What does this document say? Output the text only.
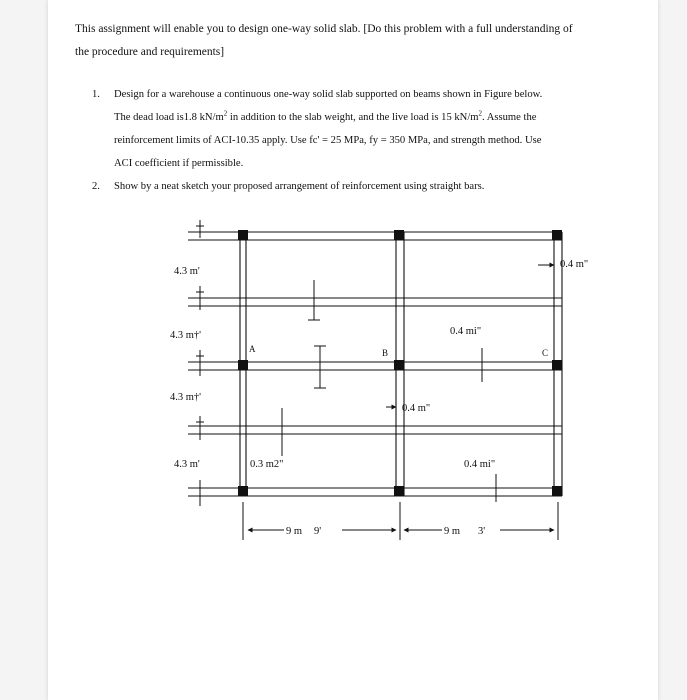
This assignment will enable you to design one-way solid slab. [Do this problem with a full understanding of
the procedure and requirements]
1. Design for a warehouse a continuous one-way solid slab supported on beams shown in Figure below.
The dead load is1.8 $kN/m^2$ in addition to the slab weight, and the live load is 15 $kN/m^2$. Assume the
reinforcement limits of ACI-10.35 apply. Use fc' = 25 MPa, fy = 350 MPa, and strength method. Use
ACI coefficient if permissible.
2. Show by a neat sketch your proposed arrangement of reinforcement using straight bars.
4.3 m'
4.3 m†'
4.3 m†'
4.3 m'
9 m 9'	9 m 3'
0.4 m"
0.4 mi"
0.4 m"
0.3 m2"	0.4 mi"
A	B	C
